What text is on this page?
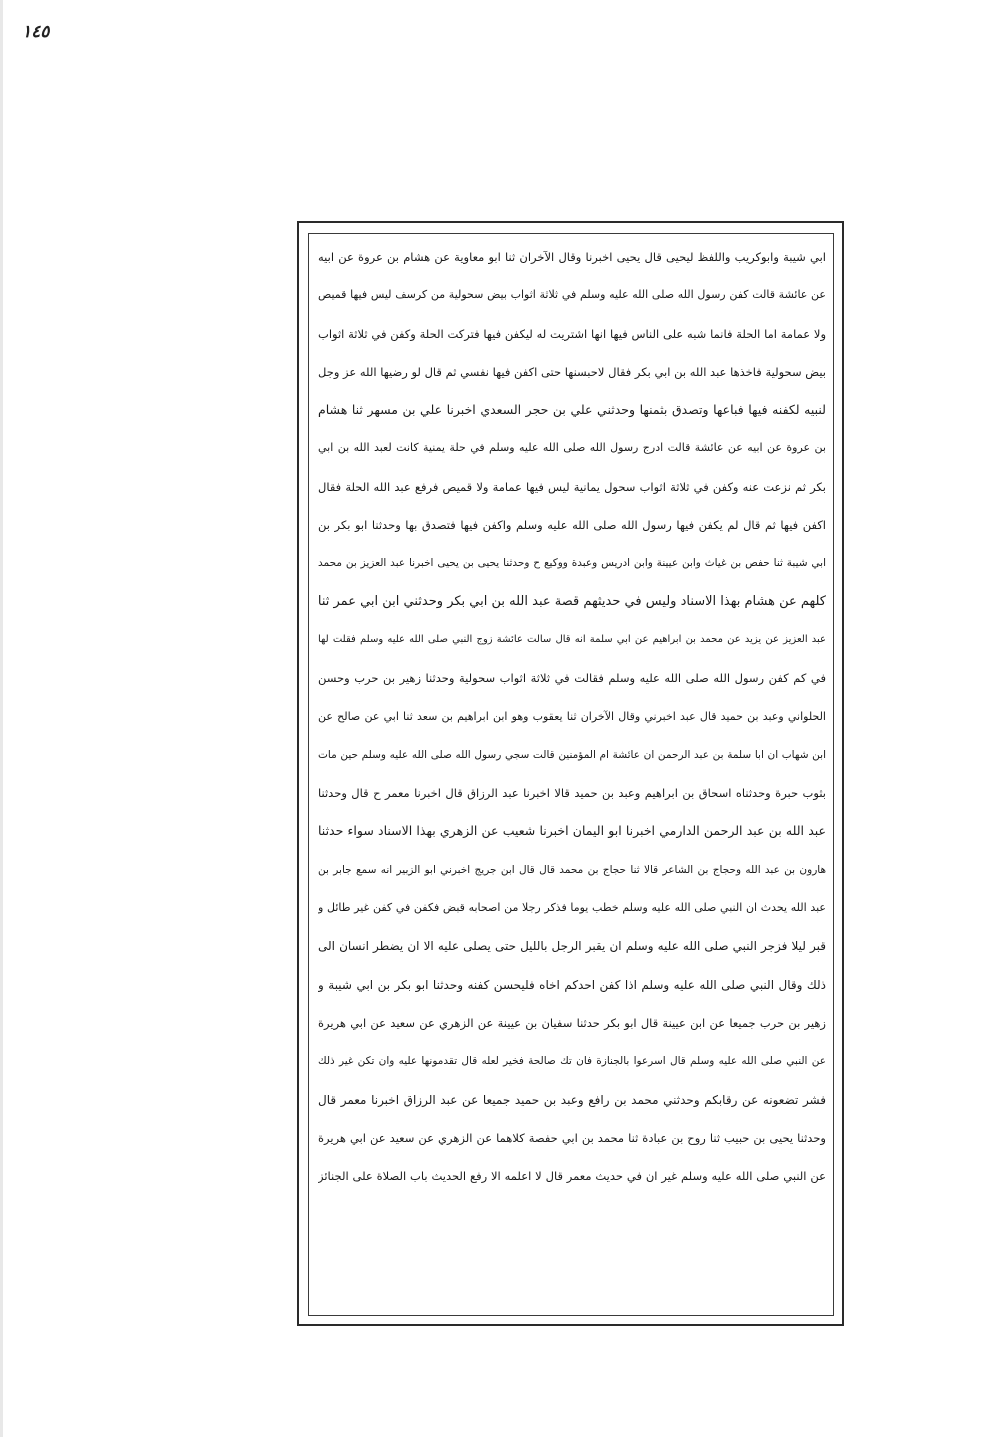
١٤٥
ابي شيبة وابوكريب واللفظ ليحيى قال يحيى اخبرنا وقال الآخران ثنا ابو معاوية عن هشام بن عروة عن ابيه
عن عائشة قالت كفن رسول الله صلى الله عليه وسلم في ثلاثة اثواب بيض سحولية من كرسف ليس فيها قميص
ولا عمامة اما الحلة فانما شبه على الناس فيها انها اشتريت له ليكفن فيها فتركت الحلة وكفن في ثلاثة اثواب
بيض سحولية فاخذها عبد الله بن ابي بكر فقال لاحبسنها حتى اكفن فيها نفسي ثم قال لو رضيها الله عز وجل
لنبيه لكفنه فيها فباعها وتصدق بثمنها وحدثني علي بن حجر السعدي اخبرنا علي بن مسهر ثنا هشام
بن عروة عن ابيه عن عائشة قالت ادرج رسول الله صلى الله عليه وسلم في حلة يمنية كانت لعبد الله بن ابي
بكر ثم نزعت عنه وكفن في ثلاثة اثواب سحول يمانية ليس فيها عمامة ولا قميص فرفع عبد الله الحلة فقال
اكفن فيها ثم قال لم يكفن فيها رسول الله صلى الله عليه وسلم واكفن فيها فتصدق بها وحدثنا ابو بكر بن
ابي شيبة ثنا حفص بن غياث وابن عيينة وابن ادريس وعبدة ووكيع ح وحدثنا يحيى بن يحيى اخبرنا عبد العزيز بن محمد
كلهم عن هشام بهذا الاسناد وليس في حديثهم قصة عبد الله بن ابي بكر وحدثني ابن ابي عمر ثنا
عبد العزيز عن يزيد عن محمد بن ابراهيم عن ابي سلمة انه قال سالت عائشة زوج النبي صلى الله عليه وسلم فقلت لها
في كم كفن رسول الله صلى الله عليه وسلم فقالت في ثلاثة اثواب سحولية وحدثنا زهير بن حرب وحسن
الحلواني وعبد بن حميد قال عبد اخبرني وقال الآخران ثنا يعقوب وهو ابن ابراهيم بن سعد ثنا ابي عن صالح عن
ابن شهاب ان ابا سلمة بن عبد الرحمن ان عائشة ام المؤمنين قالت سجي رسول الله صلى الله عليه وسلم حين مات
بثوب حبرة وحدثناه اسحاق بن ابراهيم وعبد بن حميد قالا اخبرنا عبد الرزاق قال اخبرنا معمر ح قال وحدثنا
عبد الله بن عبد الرحمن الدارمي اخبرنا ابو اليمان اخبرنا شعيب عن الزهري بهذا الاسناد سواء حدثنا
هارون بن عبد الله وحجاج بن الشاعر قالا ثنا حجاج بن محمد قال قال ابن جريج اخبرني ابو الزبير انه سمع جابر بن
عبد الله يحدث ان النبي صلى الله عليه وسلم خطب يوما فذكر رجلا من اصحابه قبض فكفن في كفن غير طائل و
قبر ليلا فزجر النبي صلى الله عليه وسلم ان يقبر الرجل بالليل حتى يصلى عليه الا ان يضطر انسان الى
ذلك وقال النبي صلى الله عليه وسلم اذا كفن احدكم اخاه فليحسن كفنه وحدثنا ابو بكر بن ابي شيبة و
زهير بن حرب جميعا عن ابن عيينة قال ابو بكر حدثنا سفيان بن عيينة عن الزهري عن سعيد عن ابي هريرة
عن النبي صلى الله عليه وسلم قال اسرعوا بالجنازة فان تك صالحة فخير لعله قال تقدمونها عليه وان تكن غير ذلك
فشر تضعونه عن رقابكم وحدثني محمد بن رافع وعبد بن حميد جميعا عن عبد الرزاق اخبرنا معمر قال
وحدثنا يحيى بن حبيب ثنا روح بن عبادة ثنا محمد بن ابي حفصة كلاهما عن الزهري عن سعيد عن ابي هريرة
عن النبي صلى الله عليه وسلم غير ان في حديث معمر قال لا اعلمه الا رفع الحديث باب الصلاة على الجنائز
